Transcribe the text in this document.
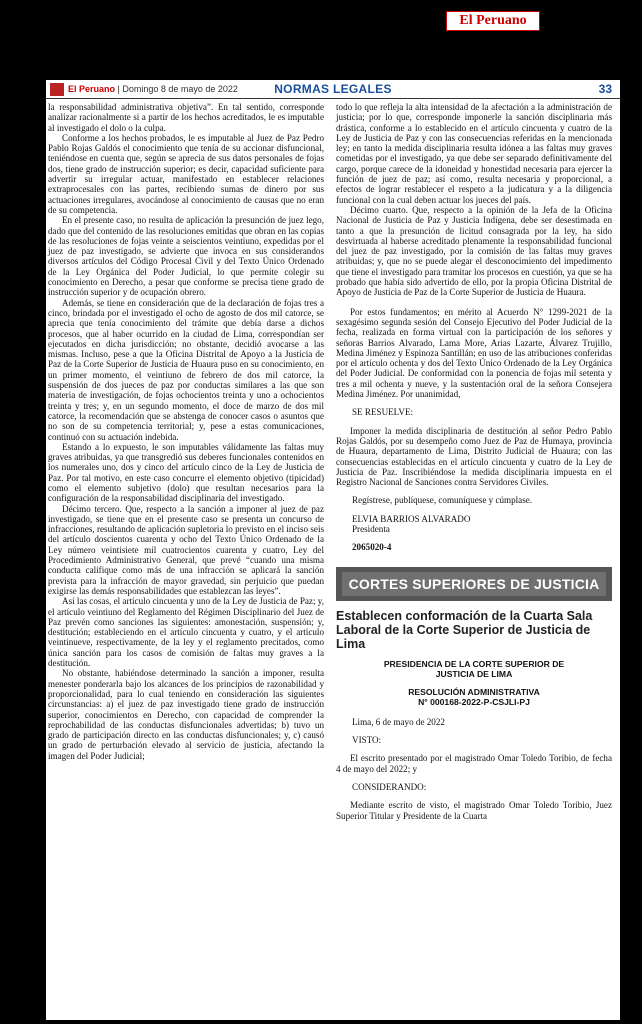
El Peruano
El Peruano | Domingo 8 de mayo de 2022	NORMAS LEGALES	33

la responsabilidad administrativa objetiva”. En tal sentido, corresponde analizar racionalmente si a partir de los hechos acreditados, le es imputable al investigado el dolo o la culpa.

Conforme a los hechos probados, le es imputable al Juez de Paz Pedro Pablo Rojas Galdós el conocimiento que tenía de su accionar disfuncional, teniéndose en cuenta que, según se aprecia de sus datos personales de fojas dos, tiene grado de instrucción superior; es decir, capacidad suficiente para advertir su irregular actuar, manifestado en establecer relaciones extraprocesales con las partes, recibiendo sumas de dinero por sus actuaciones irregulares, avocándose al conocimiento de causas que no eran de su competencia.

En el presente caso, no resulta de aplicación la presunción de juez lego, dado que del contenido de las resoluciones emitidas que obran en las copias de las resoluciones de fojas veinte a seiscientos veintiuno, expedidas por el juez de paz investigado, se advierte que invoca en sus considerandos diversos artículos del Código Procesal Civil y del Texto Único Ordenado de la Ley Orgánica del Poder Judicial, lo que permite colegir su conocimiento en Derecho, a pesar que conforme se precisa tiene grado de instrucción superior y de ocupación obrero.

Además, se tiene en consideración que de la declaración de fojas tres a cinco, brindada por el investigado el ocho de agosto de dos mil catorce, se aprecia que tenía conocimiento del trámite que debía darse a dichos procesos, que al haber ocurrido en la ciudad de Lima, correspondían ser ejecutados en dicha jurisdicción; no obstante, decidió avocarse a las mismas. Incluso, pese a que la Oficina Distrital de Apoyo a la Justicia de Paz de la Corte Superior de Justicia de Huaura puso en su conocimiento, en un primer momento, el veintiuno de febrero de dos mil catorce, la suspensión de dos jueces de paz por conductas similares a las que son materia de investigación, de fojas ochocientos treinta y uno a ochocientos treinta y tres; y, en un segundo momento, el doce de marzo de dos mil catorce, la recomendación que se abstenga de conocer casos o asuntos que no son de su competencia territorial; y, pese a estas comunicaciones, continuó con su actuación indebida.

Estando a lo expuesto, le son imputables válidamente las faltas muy graves atribuidas, ya que transgredió sus deberes funcionales contenidos en los numerales uno, dos y cinco del artículo cinco de la Ley de Justicia de Paz. Por tal motivo, en este caso concurre el elemento objetivo (tipicidad) como el elemento subjetivo (dolo) que resultan necesarios para la configuración de la responsabilidad disciplinaria del investigado.

Décimo tercero. Que, respecto a la sanción a imponer al juez de paz investigado, se tiene que en el presente caso se presenta un concurso de infracciones, resultando de aplicación supletoria lo previsto en el inciso seis del artículo doscientos cuarenta y ocho del Texto Único Ordenado de la Ley número veintisiete mil cuatrocientos cuarenta y cuatro, Ley del Procedimiento Administrativo General, que prevé “cuando una misma conducta califique como más de una infracción se aplicará la sanción prevista para la infracción de mayor gravedad, sin perjuicio que puedan exigirse las demás responsabilidades que establezcan las leyes”.

Así las cosas, el artículo cincuenta y uno de la Ley de Justicia de Paz; y, el artículo veintiuno del Reglamento del Régimen Disciplinario del Juez de Paz prevén como sanciones las siguientes: amonestación, suspensión; y, destitución; estableciendo en el artículo cincuenta y cuatro, y el artículo veintinueve, respectivamente, de la ley y el reglamento precitados, como única sanción para los casos de comisión de faltas muy graves a la destitución.

No obstante, habiéndose determinado la sanción a imponer, resulta menester ponderarla bajo los alcances de los principios de razonabilidad y proporcionalidad, para lo cual teniendo en consideración las siguientes circunstancias: a) el juez de paz investigado tiene grado de instrucción superior, conocimientos en Derecho, con capacidad de comprender la reprochabilidad de las conductas disfuncionales advertidas; b) tuvo un grado de participación directo en las conductas disfuncionales; y, c) causó un grado de perturbación elevado al servicio de justicia, afectando la imagen del Poder Judicial;

todo lo que refleja la alta intensidad de la afectación a la administración de justicia; por lo que, corresponde imponerle la sanción disciplinaria más drástica, conforme a lo establecido en el artículo cincuenta y cuatro de la Ley de Justicia de Paz y con las consecuencias referidas en la mencionada ley; en tanto la medida disciplinaria resulta idónea a las faltas muy graves cometidas por el investigado, ya que debe ser separado definitivamente del cargo, porque carece de la idoneidad y honestidad necesaria para ejercer la función de juez de paz; así como, resulta necesaria y proporcional, a efectos de lograr restablecer el respeto a la judicatura y a la diligencia funcional con la cual deben actuar los jueces del país.

Décimo cuarto. Que, respecto a la opinión de la Jefa de la Oficina Nacional de Justicia de Paz y Justicia Indígena, debe ser desestimada en tanto a que la presunción de licitud consagrada por la ley, ha sido desvirtuada al haberse acreditado plenamente la responsabilidad funcional del juez de paz investigado, por la comisión de las faltas muy graves atribuidas; y, que no se puede alegar el desconocimiento del impedimento que tiene el investigado para tramitar los procesos en cuestión, ya que se ha probado que había sido advertido de ello, por la propia Oficina Distrital de Apoyo de Justicia de Paz de la Corte Superior de Justicia de Huaura.

Por estos fundamentos; en mérito al Acuerdo N° 1299-2021 de la sexagésimo segunda sesión del Consejo Ejecutivo del Poder Judicial de la fecha, realizada en forma virtual con la participación de los señores y señoras Barrios Alvarado, Lama More, Arias Lazarte, Álvarez Trujillo, Medina Jiménez y Espinoza Santillán; en uso de las atribuciones conferidas por el artículo ochenta y dos del Texto Único Ordenado de la Ley Orgánica del Poder Judicial. De conformidad con la ponencia de fojas mil setenta y tres a mil ochenta y nueve, y la sustentación oral de la señora Consejera Medina Jiménez. Por unanimidad,

SE RESUELVE:

Imponer la medida disciplinaria de destitución al señor Pedro Pablo Rojas Galdós, por su desempeño como Juez de Paz de Humaya, provincia de Huaura, departamento de Lima, Distrito Judicial de Huaura; con las consecuencias establecidas en el artículo cincuenta y cuatro de la Ley de Justicia de Paz. Inscribiéndose la medida disciplinaria impuesta en el Registro Nacional de Sanciones contra Servidores Civiles.

Regístrese, publíquese, comuníquese y cúmplase.

ELVIA BARRIOS ALVARADO

Presidenta

2065020-4

CORTES SUPERIORES DE JUSTICIA
Establecen conformación de la Cuarta Sala Laboral de la Corte Superior de Justicia de Lima

PRESIDENCIA DE LA CORTE SUPERIOR DE

JUSTICIA DE LIMA

RESOLUCIÓN ADMINISTRATIVA

N° 000168-2022-P-CSJLI-PJ

Lima, 6 de mayo de 2022

VISTO:

El escrito presentado por el magistrado Omar Toledo Toribio, de fecha 4 de mayo del 2022; y

CONSIDERANDO:

Mediante escrito de visto, el magistrado Omar Toledo Toribio, Juez Superior Titular y Presidente de la Cuarta
